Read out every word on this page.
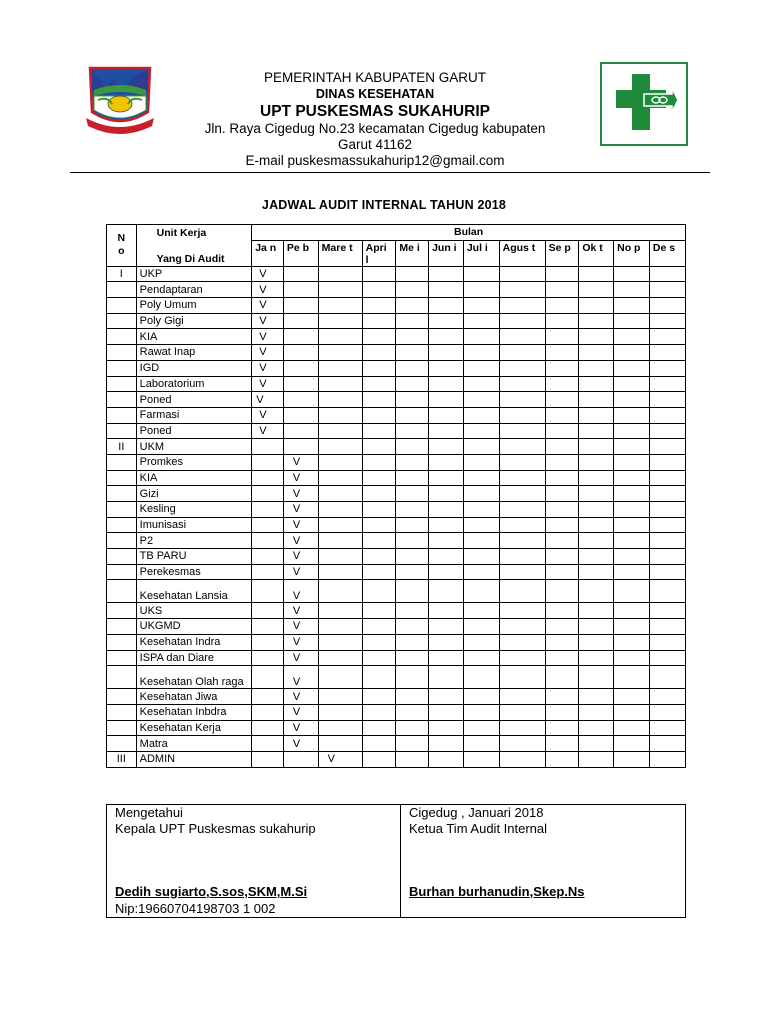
PEMERINTAH KABUPATEN GARUT
DINAS KESEHATAN
UPT PUSKESMAS SUKAHURIP
Jln. Raya Cigedug No.23 kecamatan Cigedug kabupaten
Garut 41162
E-mail puskesmassukahurip12@gmail.com
JADWAL AUDIT INTERNAL TAHUN 2018
N o	Unit Kerja	Bulan											
	Yang Di Audit	Ja n	Pe b	Mare t	Apri l	Me i	Jun i	Jul i	Agus t	Se p	Ok t	No p	De s
I	UKP	V											
	Pendaptaran	V											
	Poly Umum	V											
	Poly Gigi	V											
	KIA	V											
	Rawat Inap	V											
	IGD	V											
	Laboratorium	V											
	Poned	V											
	Farmasi	V											
	Poned	V											
II	UKM												
	Promkes		V										
	KIA		V										
	Gizi		V										
	Kesling		V										
	Imunisasi		V										
	P2		V										
	TB PARU		V										
	Perekesmas		V										
	Kesehatan Lansia		V										
	UKS		V										
	UKGMD		V										
	Kesehatan Indra		V										
	ISPA dan Diare		V										
	Kesehatan Olah raga		V										
	Kesehatan Jiwa		V										
	Kesehatan Inbdra		V										
	Kesehatan Kerja		V										
	Matra		V										
III	ADMIN			V									
Mengetahui
Kepala UPT Puskesmas sukahurip
Dedih sugiarto,S.sos,SKM,M.Si
Nip:19660704198703 1 002
Cigedug , Januari 2018
Ketua Tim Audit Internal
Burhan burhanudin,Skep.Ns
